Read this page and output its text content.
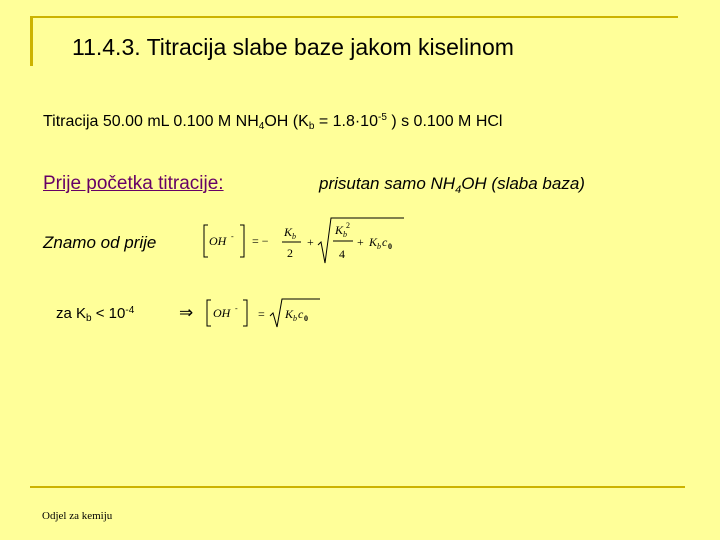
11.4.3. Titracija slabe baze jakom kiselinom
Titracija 50.00 mL 0.100 M $NH_4OH$ ($K_b = 1.8\cdot 10^{-5}$ ) s 0.100 M HCl
Prije početka titracije:	prisutan samo $NH_4OH$ (slaba baza)
Znamo od prije	OH - = −
K b
2
+
K b
2
4
+ K b c 0
za $K_b < 10^{-4}$	⇒ OH - = K b c 0
Odjel za kemiju
